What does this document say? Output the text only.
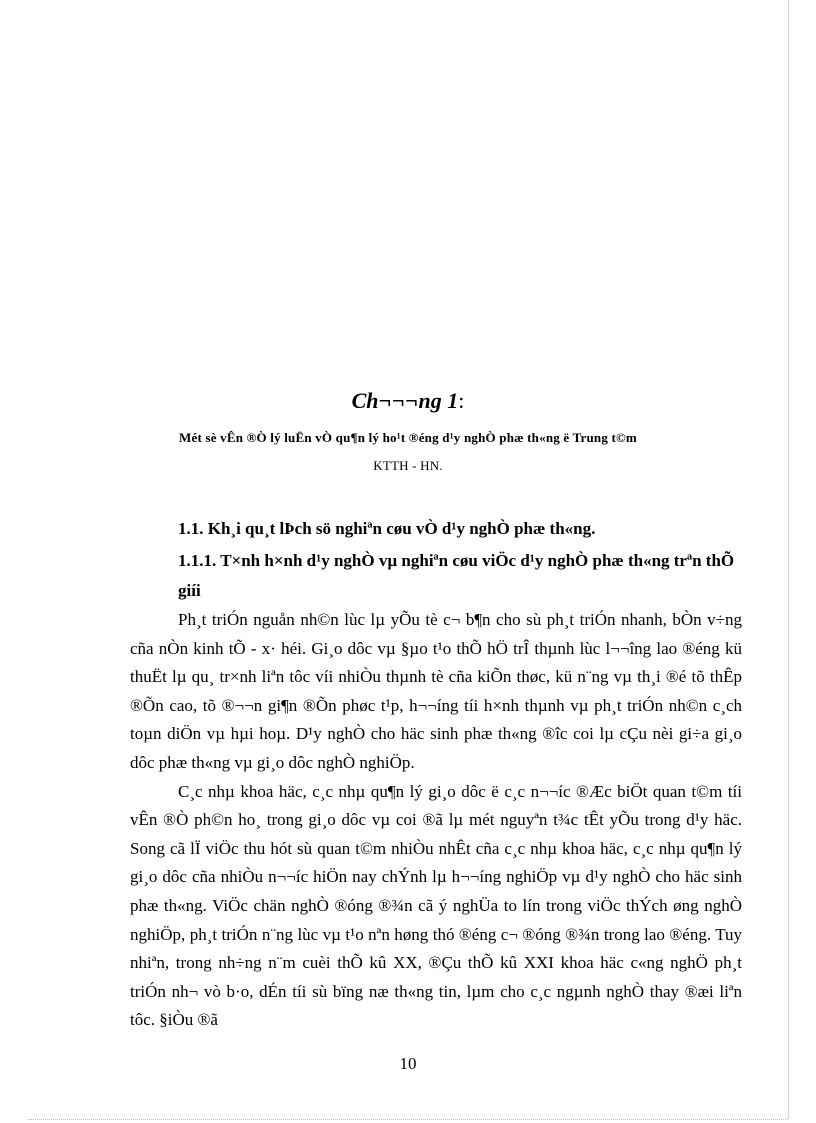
Ch¬¬¬ng 1:
Mét sè vÊn ®Ò lý luËn vÒ qu¶n lý ho¹t ®éng d¹y nghÒ phæ th«ng ë Trung t©m
KTTH - HN.
1.1. Kh¸i qu¸t lÞch sö nghiªn cøu vÒ d¹y nghÒ phæ th«ng.
1.1.1. T×nh h×nh d¹y nghÒ vµ nghiªn cøu viÖc d¹y nghÒ phæ th«ng trªn thÕ giíi

Ph¸t triÓn nguån nh©n lùc lµ yÕu tè c¬ b¶n cho sù ph¸t triÓn nhanh, bÒn v÷ng cña nÒn kinh tÕ - x· héi. Gi¸o dôc vµ §µo t¹o thÕ hÖ trÎ thµnh lùc l¬¬îng lao ®éng kü thuËt lµ qu¸ tr×nh liªn tôc víi nhiÒu thµnh tè cña kiÕn thøc, kü n¨ng vµ th¸i ®é tõ thÊp ®Õn cao, tõ ®¬¬n gi¶n ®Õn phøc t¹p, h¬¬íng tíi h×nh thµnh vµ ph¸t triÓn nh©n c¸ch toµn diÖn vµ hµi hoµ. D¹y nghÒ cho häc sinh phæ th«ng ®îc coi lµ cÇu nèi gi÷a gi¸o dôc phæ th«ng vµ gi¸o dôc nghÒ nghiÖp.

C¸c nhµ khoa häc, c¸c nhµ qu¶n lý gi¸o dôc ë c¸c n¬¬íc ®Æc biÖt quan t©m tíi vÊn ®Ò ph©n ho¸ trong gi¸o dôc vµ coi ®ã lµ mét nguyªn t¾c tÊt yÕu trong d¹y häc. Song cã lÏ viÖc thu hót sù quan t©m nhiÒu nhÊt cña c¸c nhµ khoa häc, c¸c nhµ qu¶n lý gi¸o dôc cña nhiÒu n¬¬íc hiÖn nay chÝnh lµ h¬¬íng nghiÖp vµ d¹y nghÒ cho häc sinh phæ th«ng. ViÖc chän nghÒ ®óng ®¾n cã ý nghÜa to lín trong viÖc thÝch øng nghÒ nghiÖp, ph¸t triÓn n¨ng lùc vµ t¹o nªn høng thó ®éng c¬ ®óng ®¾n trong lao ®éng. Tuy nhiªn, trong nh÷ng n¨m cuèi thÕ kû XX, ®Çu thÕ kû XXI khoa häc c«ng nghÖ ph¸t triÓn nh¬ vò b·o, dÉn tíi sù bïng næ th«ng tin, lµm cho c¸c ngµnh nghÒ thay ®æi liªn tôc. §iÒu ®ã

10
